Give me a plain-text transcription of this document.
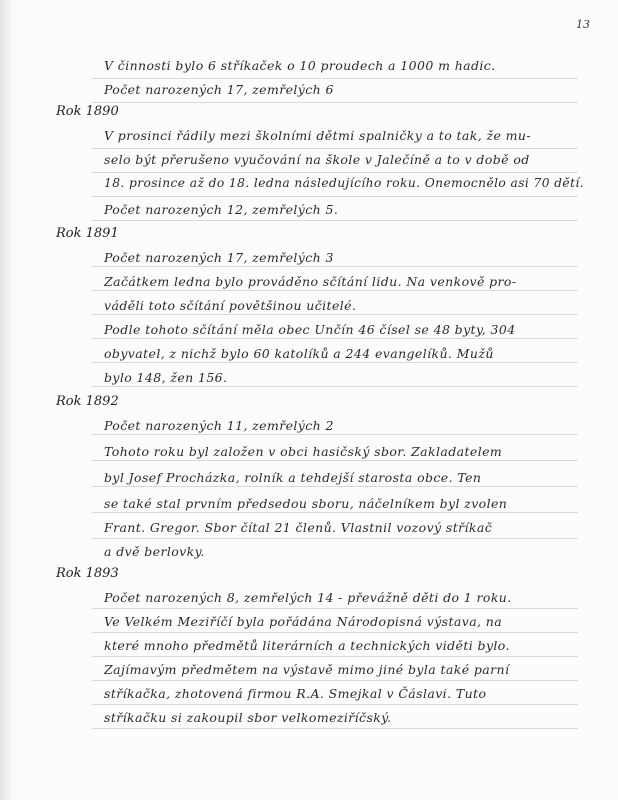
13
V činnosti bylo 6 stříkaček o 10 proudech a 1000 m hadic.
Počet narozených 17, zemřelých 6
Rok 1890
V prosinci řádily mezi školními dětmi spalničky a to tak, že mu-
selo být přerušeno vyučování na škole v Jalečíně a to v době od
18. prosince až do 18. ledna následujícího roku. Onemocnělo asi 70 dětí.
Počet narozených 12, zemřelých 5.
Rok 1891
Počet narozených 17, zemřelých 3
Začátkem ledna bylo prováděno sčítání lidu. Na venkově pro-
váděli toto sčítání povětšinou učitelé.
Podle tohoto sčítání měla obec Unčín 46 čísel se 48 byty, 304
obyvatel, z nichž bylo 60 katolíků a 244 evangelíků. Mužů
bylo 148, žen 156.
Rok 1892
Počet narozených 11, zemřelých 2
Tohoto roku byl založen v obci hasičský sbor. Zakladatelem
byl Josef Procházka, rolník a tehdejší starosta obce. Ten
se také stal prvním předsedou sboru, náčelníkem byl zvolen
Frant. Gregor. Sbor čítal 21 členů. Vlastnil vozový stříkač
a dvě berlovky.
Rok 1893
Počet narozených 8, zemřelých 14 - převážně děti do 1 roku.
Ve Velkém Meziříčí byla pořádána Národopisná výstava, na
které mnoho předmětů literárních a technických viděti bylo.
Zajímavým předmětem na výstavě mimo jiné byla také parní
stříkačka, zhotovená firmou R.A. Smejkal v Čáslavi. Tuto
stříkačku si zakoupil sbor velkomeziříčský.
